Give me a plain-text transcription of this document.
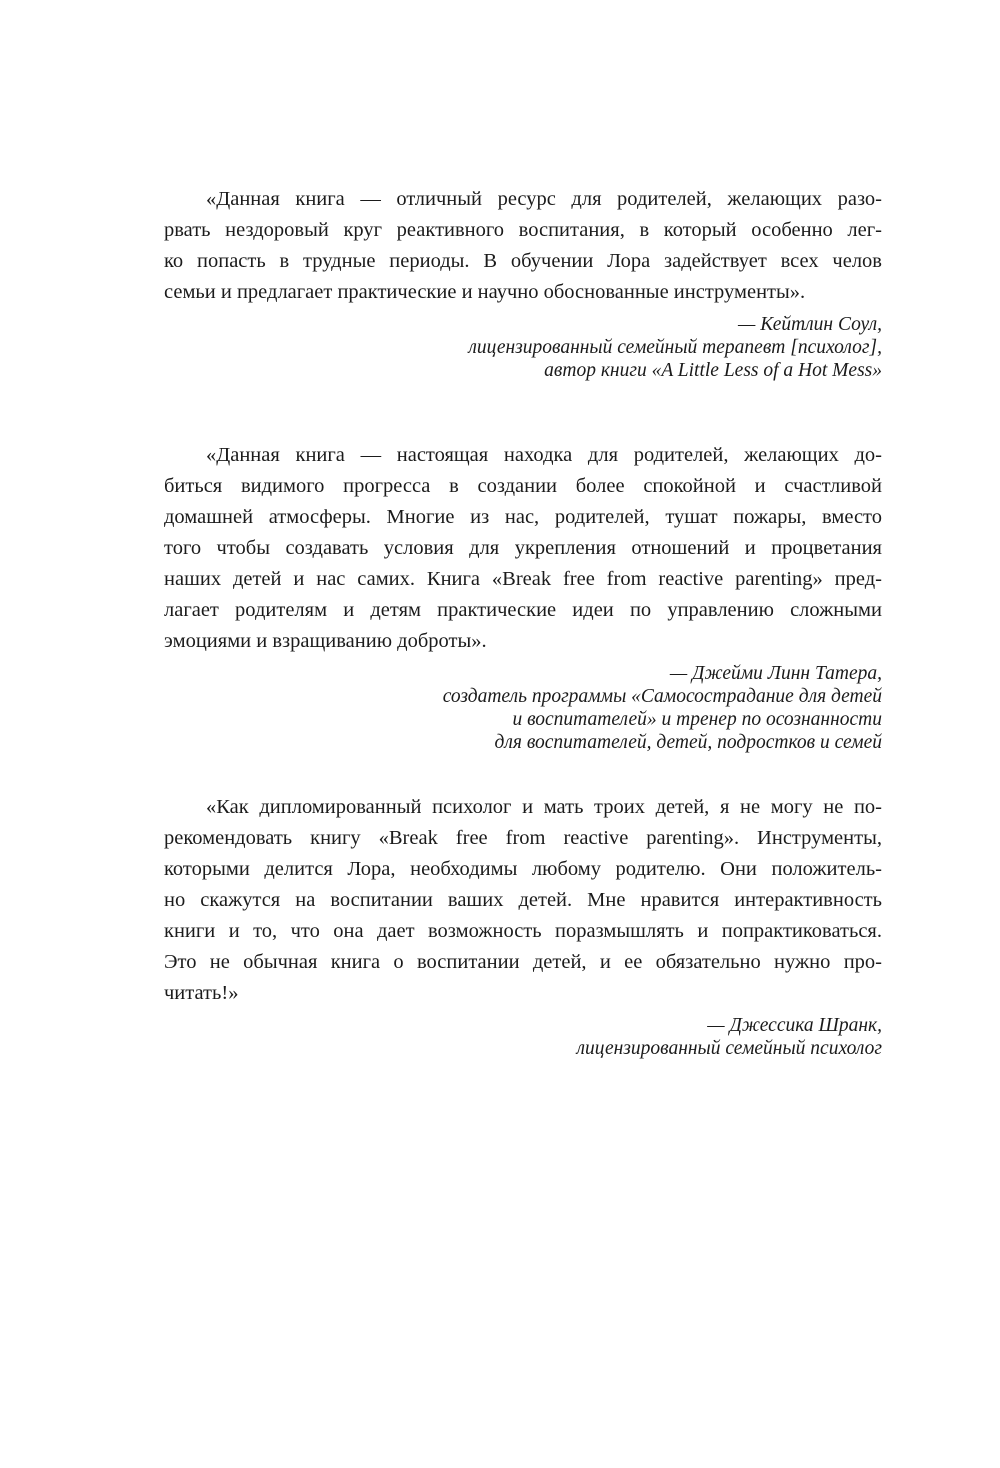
«Данная книга — отличный ресурс для родителей, желающих разо-
рвать нездоровый круг реактивного воспитания, в который особенно лег-
ко попасть в трудные периоды. В обучении Лора задействует всех челов
семьи и предлагает практические и научно обоснованные инструменты».
— Кейтлин Соул,
лицензированный семейный терапевт [психолог],
автор книги «A Little Less of a Hot Mess»
«Данная книга — настоящая находка для родителей, желающих до-
биться видимого прогресса в создании более спокойной и счастливой
домашней атмосферы. Многие из нас, родителей, тушат пожары, вместо
того чтобы создавать условия для укрепления отношений и процветания
наших детей и нас самих. Книга «Break free from reactive parenting» пред-
лагает родителям и детям практические идеи по управлению сложными
эмоциями и взращиванию доброты».
— Джейми Линн Татера,
создатель программы «Самосострадание для детей
и воспитателей» и тренер по осознанности
для воспитателей, детей, подростков и семей
«Как дипломированный психолог и мать троих детей, я не могу не по-
рекомендовать книгу «Break free from reactive parenting». Инструменты,
которыми делится Лора, необходимы любому родителю. Они положитель-
но скажутся на воспитании ваших детей. Мне нравится интерактивность
книги и то, что она дает возможность поразмышлять и попрактиковаться.
Это не обычная книга о воспитании детей, и ее обязательно нужно про-
читать!»
— Джессика Шранк,
лицензированный семейный психолог
